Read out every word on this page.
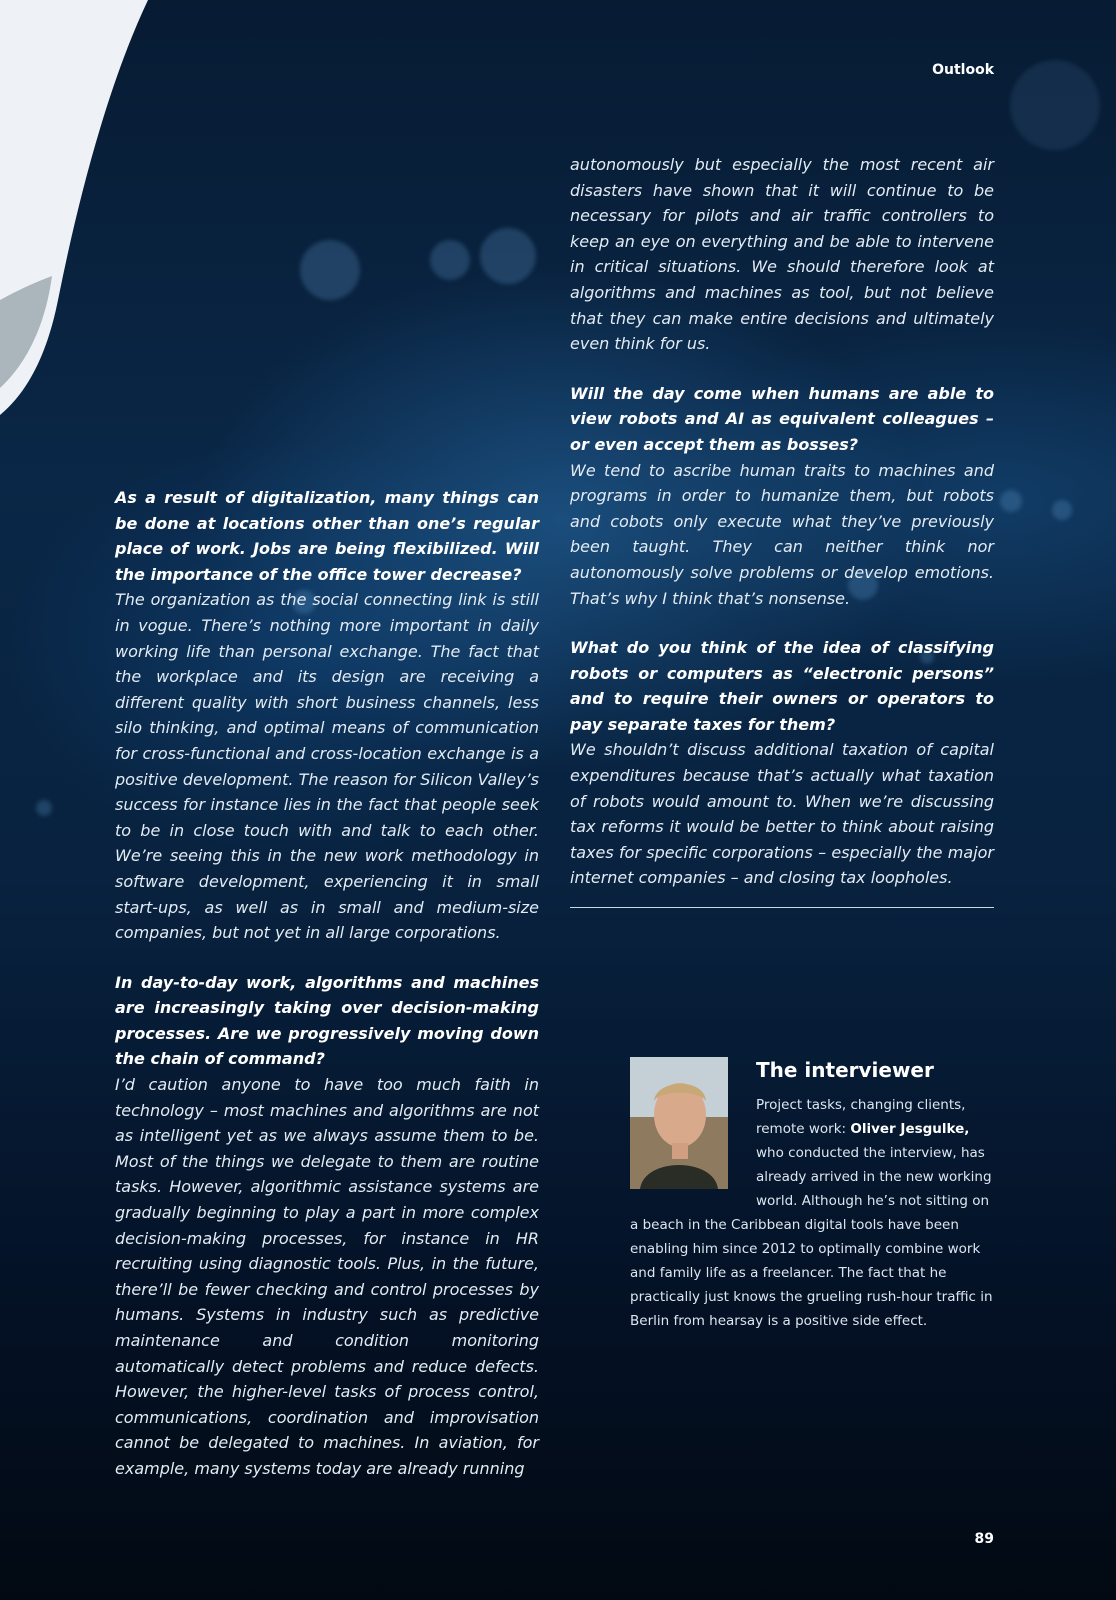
Outlook

As a result of digitalization, many things can be done at locations other than one’s regular place of work. Jobs are being flexibilized. Will the importance of the office tower decrease?

The organization as the social connecting link is still in vogue. There’s nothing more important in daily working life than personal exchange. The fact that the workplace and its design are receiving a different quality with short business channels, less silo thinking, and optimal means of communication for cross-functional and cross-location exchange is a positive development. The reason for Silicon Valley’s success for instance lies in the fact that people seek to be in close touch with and talk to each other. We’re seeing this in the new work methodology in software development, experiencing it in small start-ups, as well as in small and medium-size companies, but not yet in all large corporations.

In day-to-day work, algorithms and machines are increasingly taking over decision-making processes. Are we progressively moving down the chain of command?

I’d caution anyone to have too much faith in technology – most machines and algorithms are not as intelligent yet as we always assume them to be. Most of the things we delegate to them are routine tasks. However, algorithmic assistance systems are gradually beginning to play a part in more complex decision-making processes, for instance in HR recruiting using diagnostic tools. Plus, in the future, there’ll be fewer checking and control processes by humans. Systems in industry such as predictive maintenance and condition monitoring automatically detect problems and reduce defects. However, the higher-level tasks of process control, communications, coordination and improvisation cannot be delegated to machines. In aviation, for example, many systems today are already running

autonomously but especially the most recent air disasters have shown that it will continue to be necessary for pilots and air traffic controllers to keep an eye on everything and be able to intervene in critical situations. We should therefore look at algorithms and machines as tool, but not believe that they can make entire decisions and ultimately even think for us.

Will the day come when humans are able to view robots and AI as equivalent colleagues – or even accept them as bosses?

We tend to ascribe human traits to machines and programs in order to humanize them, but robots and cobots only execute what they’ve previously been taught. They can neither think nor autonomously solve problems or develop emotions. That’s why I think that’s nonsense.

What do you think of the idea of classifying robots or computers as “electronic persons” and to require their owners or operators to pay separate taxes for them?

We shouldn’t discuss additional taxation of capital expenditures because that’s actually what taxation of robots would amount to. When we’re discussing tax reforms it would be better to think about raising taxes for specific corporations – especially the major internet companies – and closing tax loopholes.

The interviewer

Project tasks, changing clients, remote work: Oliver Jesgulke, who conducted the interview, has already arrived in the new working world. Although he’s not sitting on a beach in the Caribbean digital tools have been enabling him since 2012 to optimally combine work and family life as a freelancer. The fact that he practically just knows the grueling rush-hour traffic in Berlin from hearsay is a positive side effect.

89
